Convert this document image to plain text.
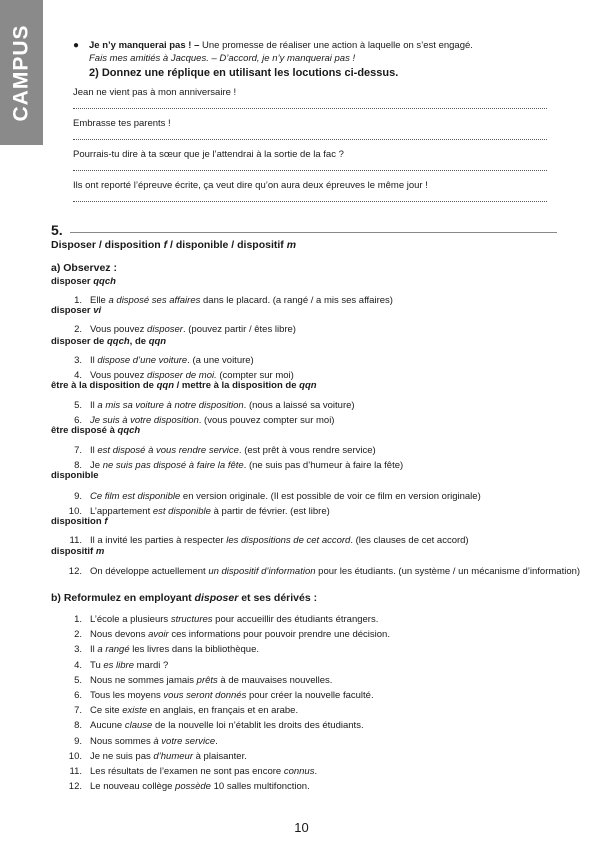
CAMPUS	● Je n’y manquerai pas ! – Une promesse de réaliser une action à laquelle on s’est engagé.
Fais mes amitiés à Jacques. – D’accord, je n’y manquerai pas !
2) Donnez une réplique en utilisant les locutions ci-dessus.
Jean ne vient pas à mon anniversaire !
Embrasse tes parents !
Pourrais-tu dire à ta sœur que je l’attendrai à la sortie de la fac ?
Ils ont reporté l’épreuve écrite, ça veut dire qu’on aura deux épreuves le même jour !
5.
Disposer / disposition f / disponible / dispositif m
a) Observez :
disposer qqch
1. Elle a disposé ses affaires dans le placard. (a rangé / a mis ses affaires)
disposer vi
2. Vous pouvez disposer. (pouvez partir / êtes libre)
disposer de qqch, de qqn
3. Il dispose d’une voiture. (a une voiture)
4. Vous pouvez disposer de moi. (compter sur moi)
être à la disposition de qqn / mettre à la disposition de qqn
5. Il a mis sa voiture à notre disposition. (nous a laissé sa voiture)
6. Je suis à votre disposition. (vous pouvez compter sur moi)
être disposé à qqch
7. Il est disposé à vous rendre service. (est prêt à vous rendre service)
8. Je ne suis pas disposé à faire la fête. (ne suis pas d’humeur à faire la fête)
disponible
9. Ce film est disponible en version originale. (Il est possible de voir ce film en version originale)
10. L’appartement est disponible à partir de février. (est libre)
disposition f
11. Il a invité les parties à respecter les dispositions de cet accord. (les clauses de cet accord)
dispositif m
12. On développe actuellement un dispositif d’information pour les étudiants. (un système / un mécanisme d’information)
b) Reformulez en employant disposer et ses dérivés :
1. L’école a plusieurs structures pour accueillir des étudiants étrangers.
2. Nous devons avoir ces informations pour pouvoir prendre une décision.
3. Il a rangé les livres dans la bibliothèque.
4. Tu es libre mardi ?
5. Nous ne sommes jamais prêts à de mauvaises nouvelles.
6. Tous les moyens vous seront donnés pour créer la nouvelle faculté.
7. Ce site existe en anglais, en français et en arabe.
8. Aucune clause de la nouvelle loi n’établit les droits des étudiants.
9. Nous sommes à votre service.
10. Je ne suis pas d’humeur à plaisanter.
11. Les résultats de l’examen ne sont pas encore connus.
12. Le nouveau collège possède 10 salles multifonction.
10
